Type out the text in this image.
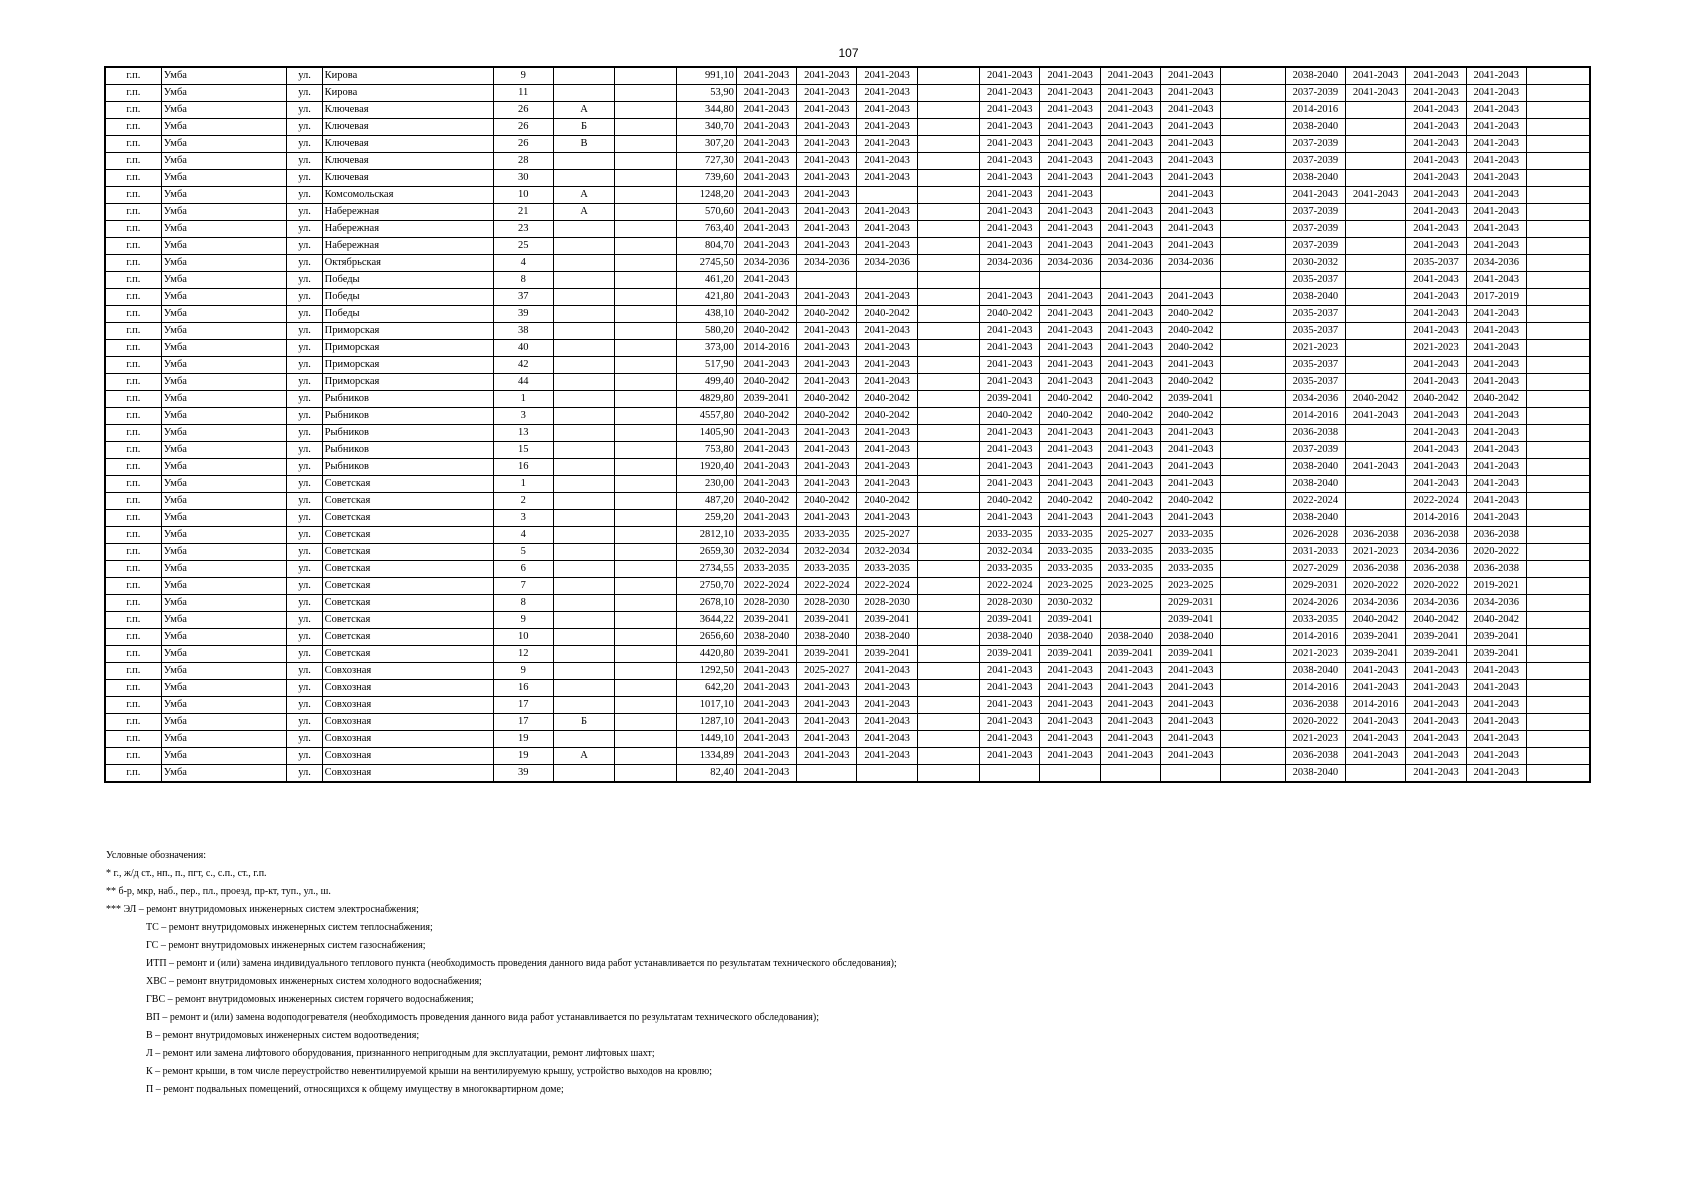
107
г.п.	Умба	ул.	Кирова	9			991,10	2041-2043	2041-2043	2041-2043		2041-2043	2041-2043	2041-2043	2041-2043		2038-2040	2041-2043	2041-2043	2041-2043	
г.п.	Умба	ул.	Кирова	11			53,90	2041-2043	2041-2043	2041-2043		2041-2043	2041-2043	2041-2043	2041-2043		2037-2039	2041-2043	2041-2043	2041-2043	
г.п.	Умба	ул.	Ключевая	26	А		344,80	2041-2043	2041-2043	2041-2043		2041-2043	2041-2043	2041-2043	2041-2043		2014-2016		2041-2043	2041-2043	
г.п.	Умба	ул.	Ключевая	26	Б		340,70	2041-2043	2041-2043	2041-2043		2041-2043	2041-2043	2041-2043	2041-2043		2038-2040		2041-2043	2041-2043	
г.п.	Умба	ул.	Ключевая	26	В		307,20	2041-2043	2041-2043	2041-2043		2041-2043	2041-2043	2041-2043	2041-2043		2037-2039		2041-2043	2041-2043	
г.п.	Умба	ул.	Ключевая	28			727,30	2041-2043	2041-2043	2041-2043		2041-2043	2041-2043	2041-2043	2041-2043		2037-2039		2041-2043	2041-2043	
г.п.	Умба	ул.	Ключевая	30			739,60	2041-2043	2041-2043	2041-2043		2041-2043	2041-2043	2041-2043	2041-2043		2038-2040		2041-2043	2041-2043	
г.п.	Умба	ул.	Комсомольская	10	А		1248,20	2041-2043	2041-2043			2041-2043	2041-2043		2041-2043		2041-2043	2041-2043	2041-2043	2041-2043	
г.п.	Умба	ул.	Набережная	21	А		570,60	2041-2043	2041-2043	2041-2043		2041-2043	2041-2043	2041-2043	2041-2043		2037-2039		2041-2043	2041-2043	
г.п.	Умба	ул.	Набережная	23			763,40	2041-2043	2041-2043	2041-2043		2041-2043	2041-2043	2041-2043	2041-2043		2037-2039		2041-2043	2041-2043	
г.п.	Умба	ул.	Набережная	25			804,70	2041-2043	2041-2043	2041-2043		2041-2043	2041-2043	2041-2043	2041-2043		2037-2039		2041-2043	2041-2043	
г.п.	Умба	ул.	Октябрьская	4			2745,50	2034-2036	2034-2036	2034-2036		2034-2036	2034-2036	2034-2036	2034-2036		2030-2032		2035-2037	2034-2036	
г.п.	Умба	ул.	Победы	8			461,20	2041-2043									2035-2037		2041-2043	2041-2043	
г.п.	Умба	ул.	Победы	37			421,80	2041-2043	2041-2043	2041-2043		2041-2043	2041-2043	2041-2043	2041-2043		2038-2040		2041-2043	2017-2019	
г.п.	Умба	ул.	Победы	39			438,10	2040-2042	2040-2042	2040-2042		2040-2042	2041-2043	2041-2043	2040-2042		2035-2037		2041-2043	2041-2043	
г.п.	Умба	ул.	Приморская	38			580,20	2040-2042	2041-2043	2041-2043		2041-2043	2041-2043	2041-2043	2040-2042		2035-2037		2041-2043	2041-2043	
г.п.	Умба	ул.	Приморская	40			373,00	2014-2016	2041-2043	2041-2043		2041-2043	2041-2043	2041-2043	2040-2042		2021-2023		2021-2023	2041-2043	
г.п.	Умба	ул.	Приморская	42			517,90	2041-2043	2041-2043	2041-2043		2041-2043	2041-2043	2041-2043	2041-2043		2035-2037		2041-2043	2041-2043	
г.п.	Умба	ул.	Приморская	44			499,40	2040-2042	2041-2043	2041-2043		2041-2043	2041-2043	2041-2043	2040-2042		2035-2037		2041-2043	2041-2043	
г.п.	Умба	ул.	Рыбников	1			4829,80	2039-2041	2040-2042	2040-2042		2039-2041	2040-2042	2040-2042	2039-2041		2034-2036	2040-2042	2040-2042	2040-2042	
г.п.	Умба	ул.	Рыбников	3			4557,80	2040-2042	2040-2042	2040-2042		2040-2042	2040-2042	2040-2042	2040-2042		2014-2016	2041-2043	2041-2043	2041-2043	
г.п.	Умба	ул.	Рыбников	13			1405,90	2041-2043	2041-2043	2041-2043		2041-2043	2041-2043	2041-2043	2041-2043		2036-2038		2041-2043	2041-2043	
г.п.	Умба	ул.	Рыбников	15			753,80	2041-2043	2041-2043	2041-2043		2041-2043	2041-2043	2041-2043	2041-2043		2037-2039		2041-2043	2041-2043	
г.п.	Умба	ул.	Рыбников	16			1920,40	2041-2043	2041-2043	2041-2043		2041-2043	2041-2043	2041-2043	2041-2043		2038-2040	2041-2043	2041-2043	2041-2043	
г.п.	Умба	ул.	Советская	1			230,00	2041-2043	2041-2043	2041-2043		2041-2043	2041-2043	2041-2043	2041-2043		2038-2040		2041-2043	2041-2043	
г.п.	Умба	ул.	Советская	2			487,20	2040-2042	2040-2042	2040-2042		2040-2042	2040-2042	2040-2042	2040-2042		2022-2024		2022-2024	2041-2043	
г.п.	Умба	ул.	Советская	3			259,20	2041-2043	2041-2043	2041-2043		2041-2043	2041-2043	2041-2043	2041-2043		2038-2040		2014-2016	2041-2043	
г.п.	Умба	ул.	Советская	4			2812,10	2033-2035	2033-2035	2025-2027		2033-2035	2033-2035	2025-2027	2033-2035		2026-2028	2036-2038	2036-2038	2036-2038	
г.п.	Умба	ул.	Советская	5			2659,30	2032-2034	2032-2034	2032-2034		2032-2034	2033-2035	2033-2035	2033-2035		2031-2033	2021-2023	2034-2036	2020-2022	
г.п.	Умба	ул.	Советская	6			2734,55	2033-2035	2033-2035	2033-2035		2033-2035	2033-2035	2033-2035	2033-2035		2027-2029	2036-2038	2036-2038	2036-2038	
г.п.	Умба	ул.	Советская	7			2750,70	2022-2024	2022-2024	2022-2024		2022-2024	2023-2025	2023-2025	2023-2025		2029-2031	2020-2022	2020-2022	2019-2021	
г.п.	Умба	ул.	Советская	8			2678,10	2028-2030	2028-2030	2028-2030		2028-2030	2030-2032		2029-2031		2024-2026	2034-2036	2034-2036	2034-2036	
г.п.	Умба	ул.	Советская	9			3644,22	2039-2041	2039-2041	2039-2041		2039-2041	2039-2041		2039-2041		2033-2035	2040-2042	2040-2042	2040-2042	
г.п.	Умба	ул.	Советская	10			2656,60	2038-2040	2038-2040	2038-2040		2038-2040	2038-2040	2038-2040	2038-2040		2014-2016	2039-2041	2039-2041	2039-2041	
г.п.	Умба	ул.	Советская	12			4420,80	2039-2041	2039-2041	2039-2041		2039-2041	2039-2041	2039-2041	2039-2041		2021-2023	2039-2041	2039-2041	2039-2041	
г.п.	Умба	ул.	Совхозная	9			1292,50	2041-2043	2025-2027	2041-2043		2041-2043	2041-2043	2041-2043	2041-2043		2038-2040	2041-2043	2041-2043	2041-2043	
г.п.	Умба	ул.	Совхозная	16			642,20	2041-2043	2041-2043	2041-2043		2041-2043	2041-2043	2041-2043	2041-2043		2014-2016	2041-2043	2041-2043	2041-2043	
г.п.	Умба	ул.	Совхозная	17			1017,10	2041-2043	2041-2043	2041-2043		2041-2043	2041-2043	2041-2043	2041-2043		2036-2038	2014-2016	2041-2043	2041-2043	
г.п.	Умба	ул.	Совхозная	17	Б		1287,10	2041-2043	2041-2043	2041-2043		2041-2043	2041-2043	2041-2043	2041-2043		2020-2022	2041-2043	2041-2043	2041-2043	
г.п.	Умба	ул.	Совхозная	19			1449,10	2041-2043	2041-2043	2041-2043		2041-2043	2041-2043	2041-2043	2041-2043		2021-2023	2041-2043	2041-2043	2041-2043	
г.п.	Умба	ул.	Совхозная	19	А		1334,89	2041-2043	2041-2043	2041-2043		2041-2043	2041-2043	2041-2043	2041-2043		2036-2038	2041-2043	2041-2043	2041-2043	
г.п.	Умба	ул.	Совхозная	39			82,40	2041-2043									2038-2040		2041-2043	2041-2043	
Условные обозначения:
* г., ж/д ст., нп., п., пгт, с., с.п., ст., г.п.
** б-р, мкр, наб., пер., пл., проезд, пр-кт, туп., ул., ш.
*** ЭЛ – ремонт внутридомовых инженерных систем электроснабжения;
ТС – ремонт внутридомовых инженерных систем теплоснабжения;
ГС – ремонт внутридомовых инженерных систем газоснабжения;
ИТП – ремонт и (или) замена индивидуального теплового пункта (необходимость проведения данного вида работ устанавливается по результатам технического обследования);
ХВС – ремонт внутридомовых инженерных систем холодного водоснабжения;
ГВС – ремонт внутридомовых инженерных систем горячего водоснабжения;
ВП – ремонт и (или) замена водоподогревателя (необходимость проведения данного вида работ устанавливается по результатам технического обследования);
В – ремонт внутридомовых инженерных систем водоотведения;
Л – ремонт или замена лифтового оборудования, признанного непригодным для эксплуатации, ремонт лифтовых шахт;
К – ремонт крыши, в том числе переустройство невентилируемой крыши на вентилируемую крышу, устройство выходов на кровлю;
П – ремонт подвальных помещений, относящихся к общему имуществу в многоквартирном доме;
